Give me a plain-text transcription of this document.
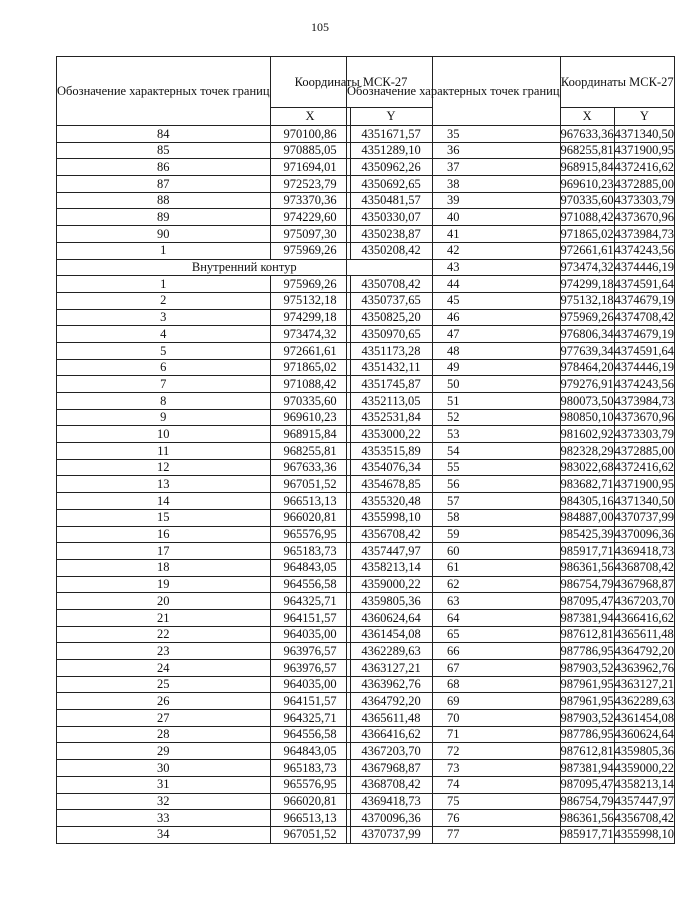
105
Обозначение характерных точек границ	Координаты МСК-27	
	X	Y
84	970100,86	4351671,57
85	970885,05	4351289,10
86	971694,01	4350962,26
87	972523,79	4350692,65
88	973370,36	4350481,57
89	974229,60	4350330,07
90	975097,30	4350238,87
1	975969,26	4350208,42
Внутренний контур		
1	975969,26	4350708,42
2	975132,18	4350737,65
3	974299,18	4350825,20
4	973474,32	4350970,65
5	972661,61	4351173,28
6	971865,02	4351432,11
7	971088,42	4351745,87
8	970335,60	4352113,05
9	969610,23	4352531,84
10	968915,84	4353000,22
11	968255,81	4353515,89
12	967633,36	4354076,34
13	967051,52	4354678,85
14	966513,13	4355320,48
15	966020,81	4355998,10
16	965576,95	4356708,42
17	965183,73	4357447,97
18	964843,05	4358213,14
19	964556,58	4359000,22
20	964325,71	4359805,36
21	964151,57	4360624,64
22	964035,00	4361454,08
23	963976,57	4362289,63
24	963976,57	4363127,21
25	964035,00	4363962,76
26	964151,57	4364792,20
27	964325,71	4365611,48
28	964556,58	4366416,62
29	964843,05	4367203,70
30	965183,73	4367968,87
31	965576,95	4368708,42
32	966020,81	4369418,73
33	966513,13	4370096,36
34	967051,52	4370737,99
Обозначение характерных точек границ	Координаты МСК-27	
	X	Y
35	967633,36	4371340,50
36	968255,81	4371900,95
37	968915,84	4372416,62
38	969610,23	4372885,00
39	970335,60	4373303,79
40	971088,42	4373670,96
41	971865,02	4373984,73
42	972661,61	4374243,56
43	973474,32	4374446,19
44	974299,18	4374591,64
45	975132,18	4374679,19
46	975969,26	4374708,42
47	976806,34	4374679,19
48	977639,34	4374591,64
49	978464,20	4374446,19
50	979276,91	4374243,56
51	980073,50	4373984,73
52	980850,10	4373670,96
53	981602,92	4373303,79
54	982328,29	4372885,00
55	983022,68	4372416,62
56	983682,71	4371900,95
57	984305,16	4371340,50
58	984887,00	4370737,99
59	985425,39	4370096,36
60	985917,71	4369418,73
61	986361,56	4368708,42
62	986754,79	4367968,87
63	987095,47	4367203,70
64	987381,94	4366416,62
65	987612,81	4365611,48
66	987786,95	4364792,20
67	987903,52	4363962,76
68	987961,95	4363127,21
69	987961,95	4362289,63
70	987903,52	4361454,08
71	987786,95	4360624,64
72	987612,81	4359805,36
73	987381,94	4359000,22
74	987095,47	4358213,14
75	986754,79	4357447,97
76	986361,56	4356708,42
77	985917,71	4355998,10
